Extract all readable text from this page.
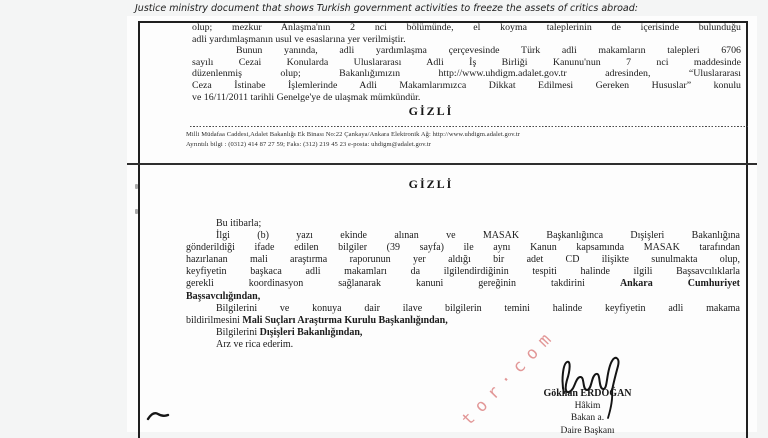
Justice ministry document that shows Turkish government activities to freeze the assets of critics abroad:
olup; mezkur Anlaşma'nın 2 nci bölümünde, el koyma taleplerinin de içerisinde bulunduğu
adli yardımlaşmanın usul ve esaslarına yer verilmiştir.
Bunun yanında, adli yardımlaşma çerçevesinde Türk adli makamların talepleri 6706
sayılı Cezai Konularda Uluslararası Adli İş Birliği Kanunu'nun 7 nci maddesinde
düzenlenmiş olup; Bakanlığımızın http://www.uhdigm.adalet.gov.tr adresinden, “Uluslararası
Ceza İstinabe İşlemlerinde Adli Makamlarımızca Dikkat Edilmesi Gereken Hususlar” konulu
ve 16/11/2011 tarihli Genelge'ye de ulaşmak mümkündür.
GİZLİ
Milli Müdafaa Caddesi,Adalet Bakanlığı Ek Binası No:22 Çankaya/Ankara Elektronik Ağ: http://www.uhdigm.adalet.gov.tr
Ayrıntılı bilgi : (0312) 414 87 27 59; Faks: (312) 219 45 23 e-posta: uhdigm@adalet.gov.tr
GİZLİ
Bu itibarla;
İlgi (b) yazı ekinde alınan ve MASAK Başkanlığınca Dışişleri Bakanlığına
gönderildiği ifade edilen bilgiler (39 sayfa) ile aynı Kanun kapsamında MASAK tarafından
hazırlanan mali araştırma raporunun yer aldığı bir adet CD ilişikte sunulmakta olup,
keyfiyetin başkaca adli makamları da ilgilendirdiğinin tespiti halinde ilgili Başsavcılıklarla
gerekli koordinasyon sağlanarak kanuni gereğinin takdirini Ankara Cumhuriyet
Başsavcılığından,
Bilgilerini ve konuya dair ilave bilgilerin temini halinde keyfiyetin adli makama
bildirilmesini Mali Suçları Araştırma Kurulu Başkanlığından,
Bilgilerini Dışişleri Bakanlığından,
Arz ve rica ederim.	tor·com
Gökhan ERDOĞAN
Hâkim
Bakan a.
Daire Başkanı
